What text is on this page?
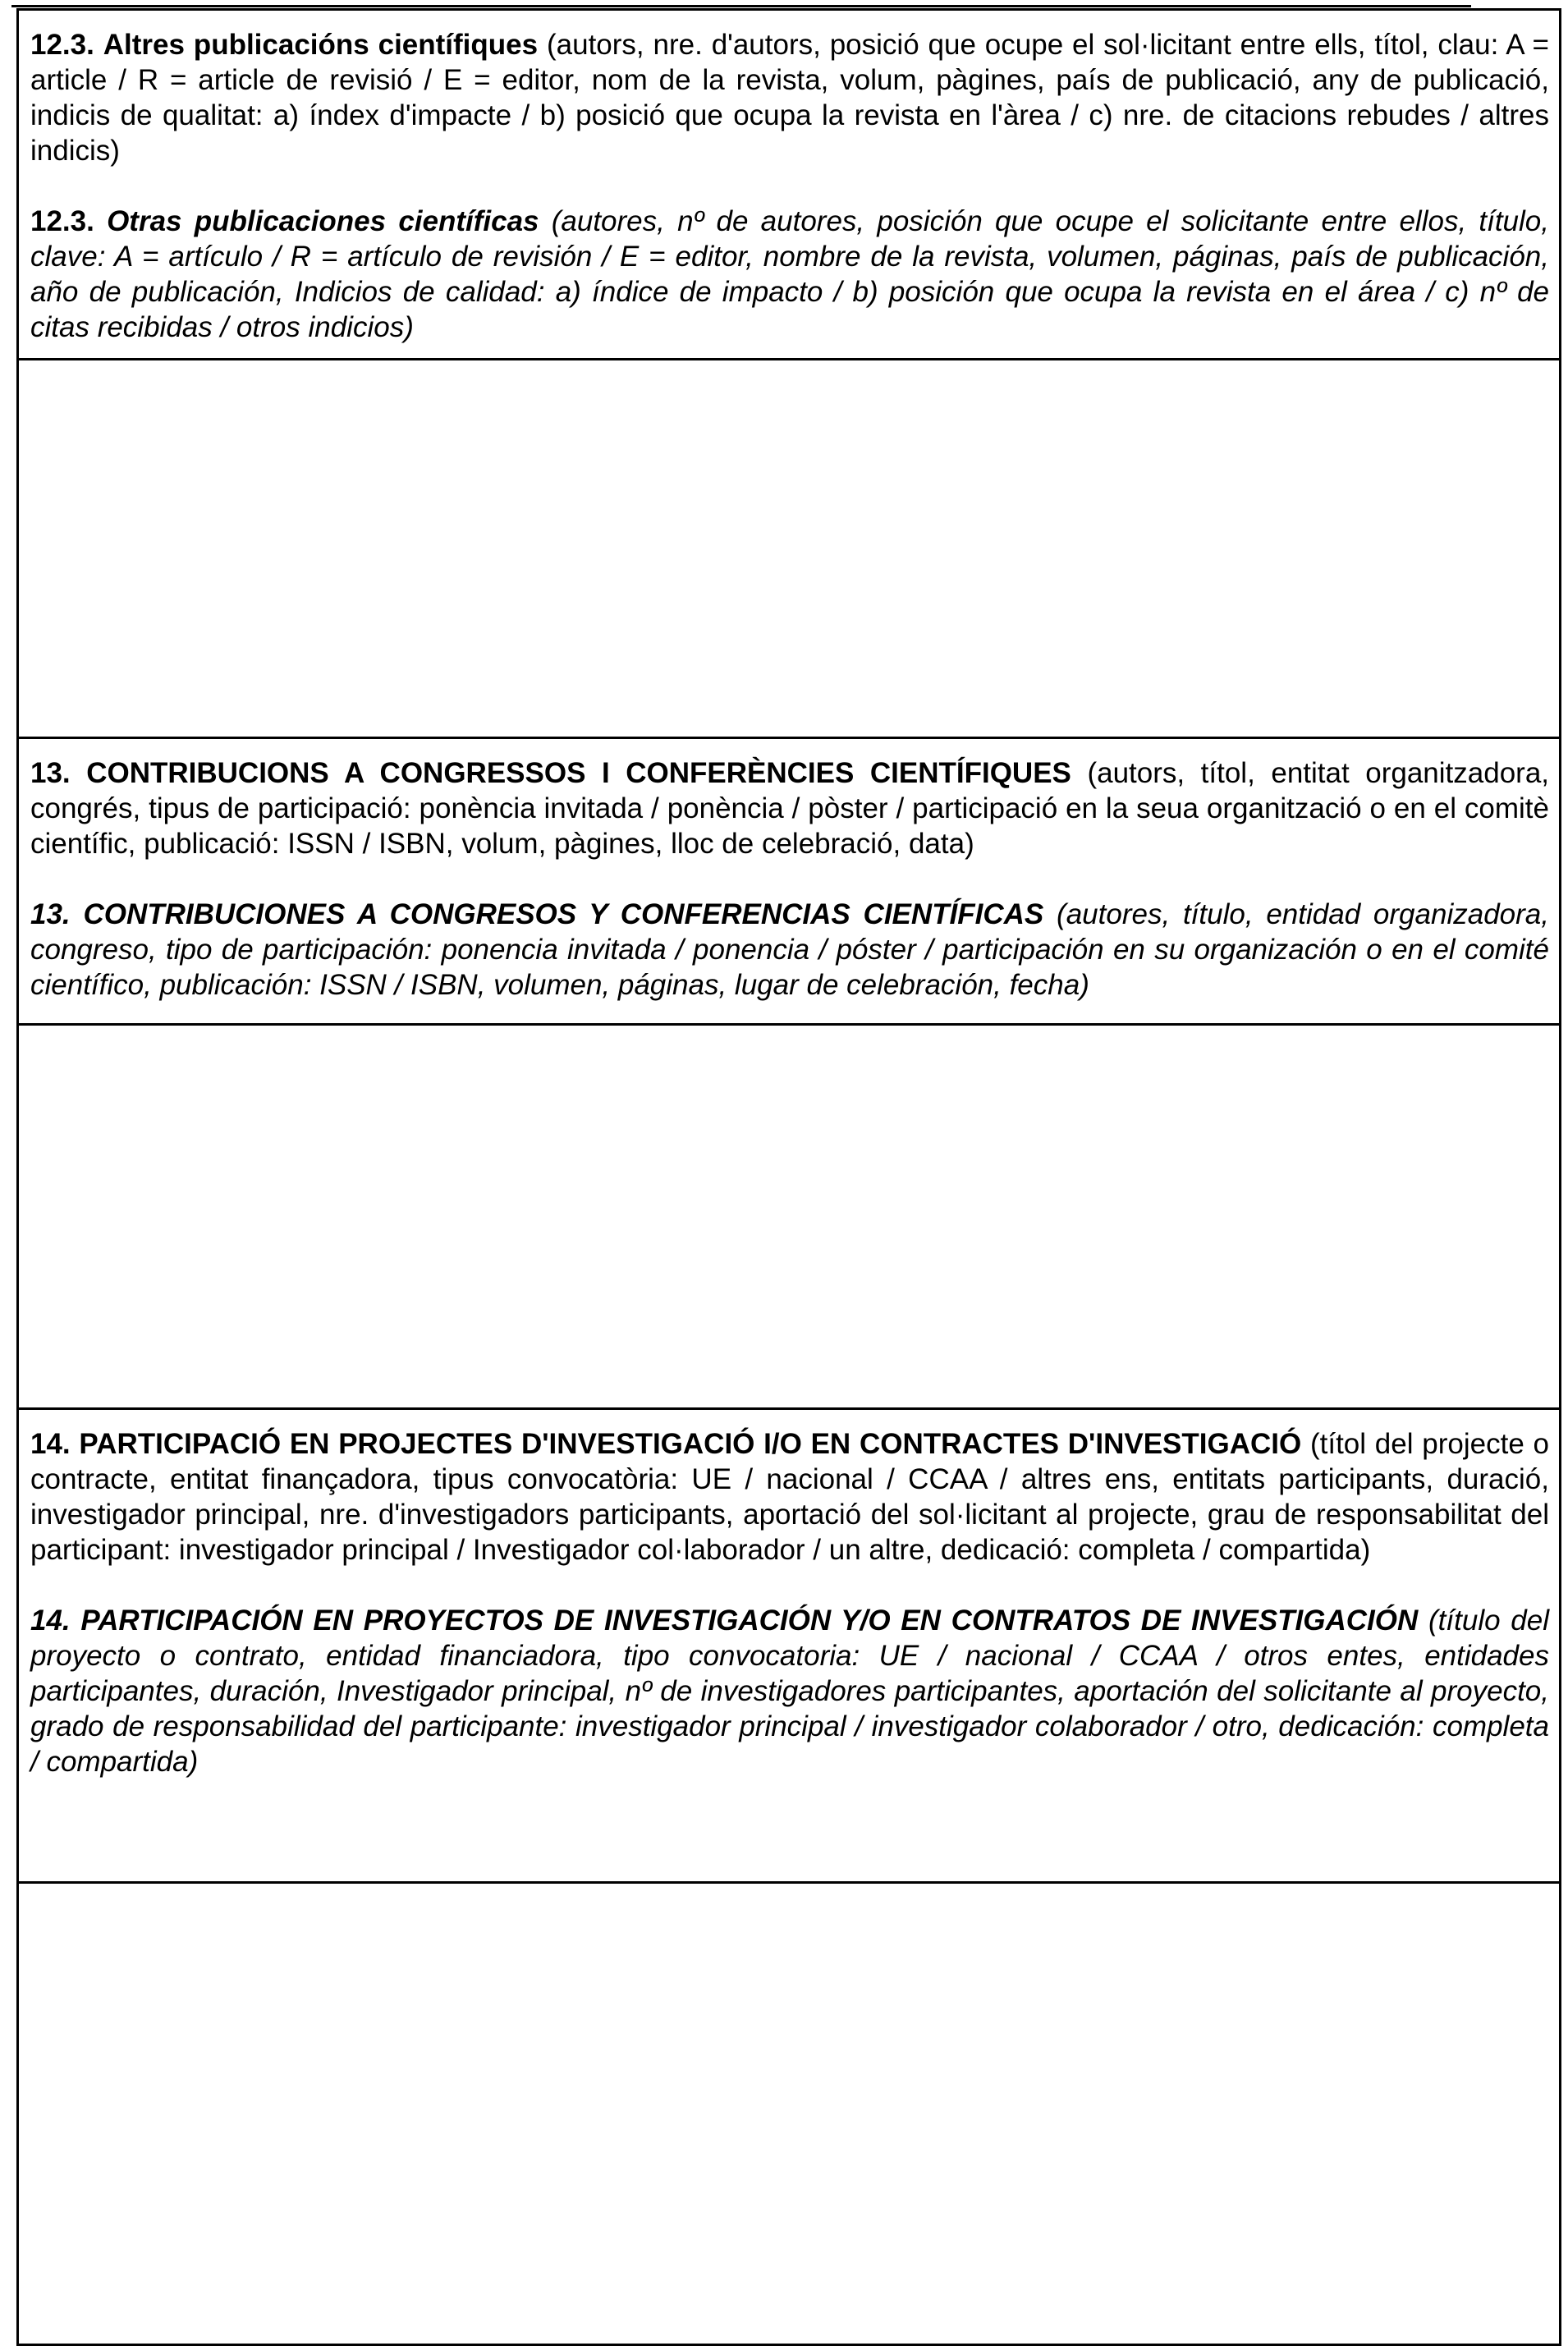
12.3. Altres publicacións científiques (autors, nre. d'autors, posició que ocupe el sol·licitant entre ells, títol, clau: A = article / R = article de revisió / E = editor, nom de la revista, volum, pàgines, país de publicació, any de publicació, indicis de qualitat: a) índex d'impacte / b) posició que ocupa la revista en l'àrea / c) nre. de citacions rebudes / altres indicis)

12.3. Otras publicaciones científicas (autores, nº de autores, posición que ocupe el solicitante entre ellos, título, clave: A = artículo / R = artículo de revisión / E = editor, nombre de la revista, volumen, páginas, país de publicación, año de publicación, Indicios de calidad: a) índice de impacto / b) posición que ocupa la revista en el área / c) nº de citas recibidas / otros indicios)

13. CONTRIBUCIONS A CONGRESSOS I CONFERÈNCIES CIENTÍFIQUES (autors, títol, entitat organitzadora, congrés, tipus de participació: ponència invitada / ponència / pòster / participació en la seua organització o en el comitè científic, publicació: ISSN / ISBN, volum, pàgines, lloc de celebració, data)

13. CONTRIBUCIONES A CONGRESOS Y CONFERENCIAS CIENTÍFICAS (autores, título, entidad organizadora, congreso, tipo de participación: ponencia invitada / ponencia / póster / participación en su organización o en el comité científico, publicación: ISSN / ISBN, volumen, páginas, lugar de celebración, fecha)

14. PARTICIPACIÓ EN PROJECTES D'INVESTIGACIÓ I/O EN CONTRACTES D'INVESTIGACIÓ (títol del projecte o contracte, entitat finançadora, tipus convocatòria: UE / nacional / CCAA / altres ens, entitats participants, duració, investigador principal, nre. d'investigadors participants, aportació del sol·licitant al projecte, grau de responsabilitat del participant: investigador principal / Investigador col·laborador / un altre, dedicació: completa / compartida)

14. PARTICIPACIÓN EN PROYECTOS DE INVESTIGACIÓN Y/O EN CONTRATOS DE INVESTIGACIÓN (título del proyecto o contrato, entidad financiadora, tipo convocatoria: UE / nacional / CCAA / otros entes, entidades participantes, duración, Investigador principal, nº de investigadores participantes, aportación del solicitante al proyecto, grado de responsabilidad del participante: investigador principal / investigador colaborador / otro, dedicación: completa / compartida)
